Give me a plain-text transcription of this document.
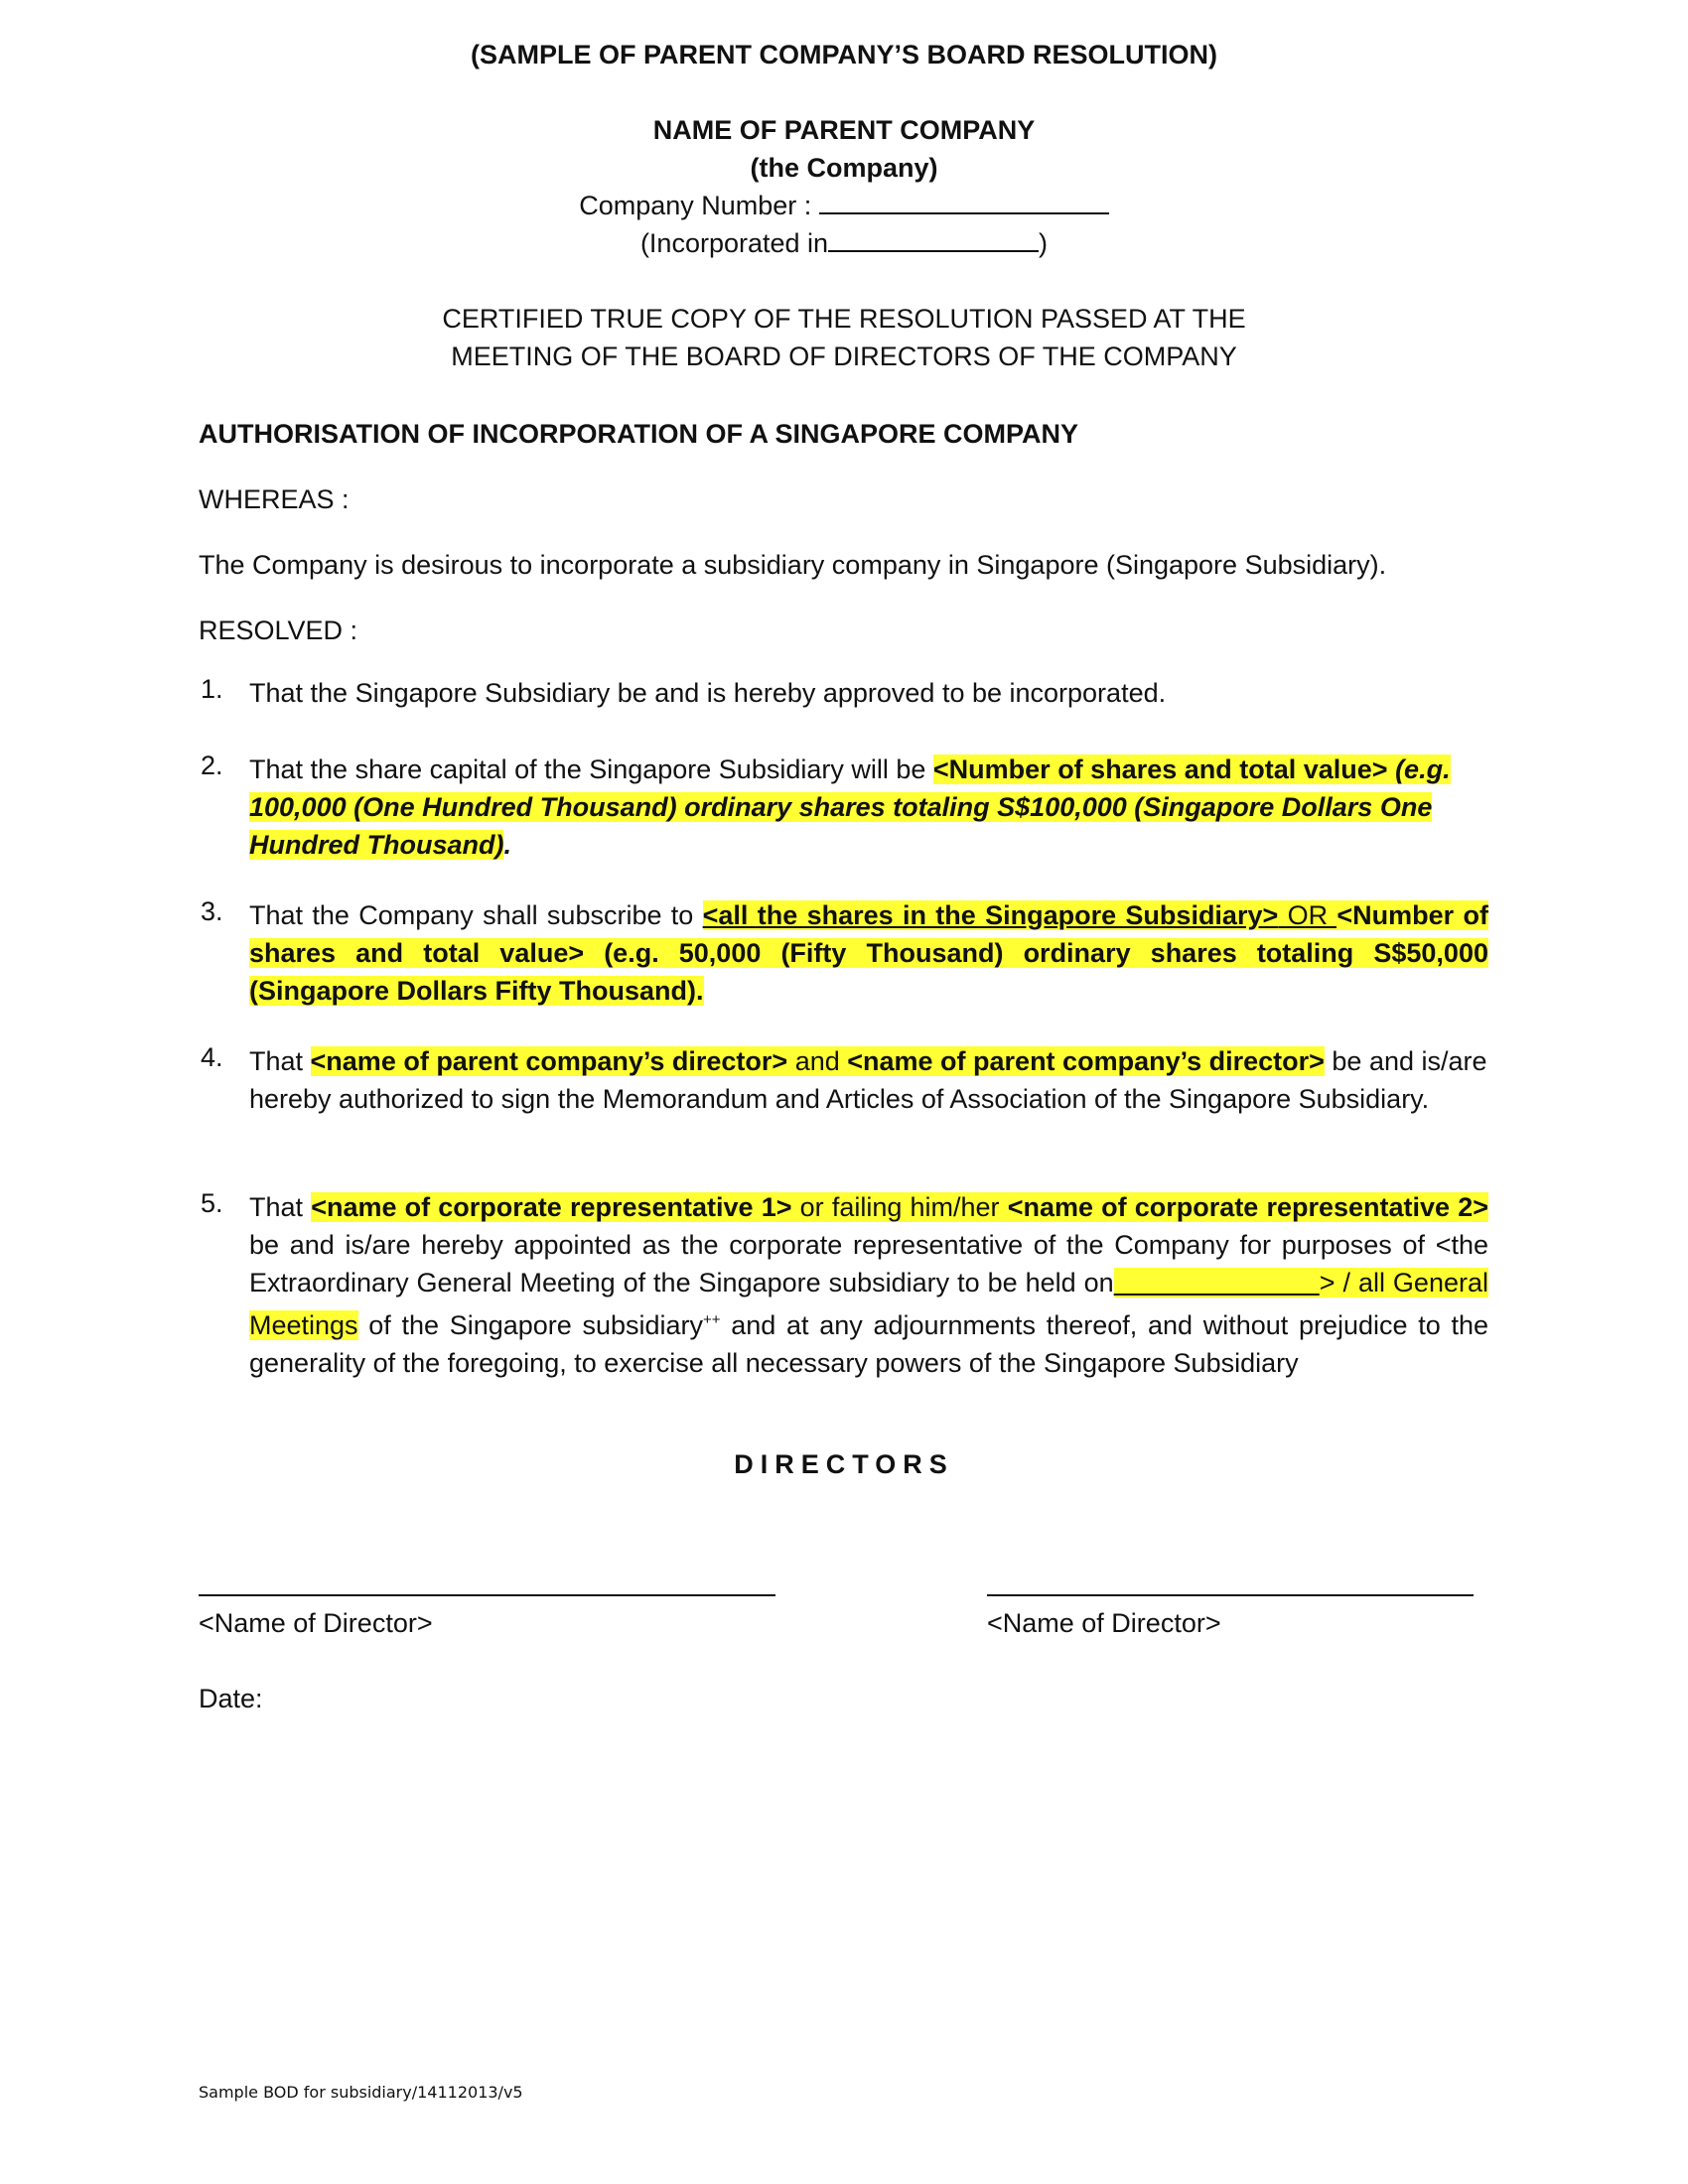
(SAMPLE OF PARENT COMPANY’S BOARD RESOLUTION)

NAME OF PARENT COMPANY

(the Company)

Company Number :

(Incorporated in	)

CERTIFIED TRUE COPY OF THE RESOLUTION PASSED AT THE

MEETING OF THE BOARD OF DIRECTORS OF THE COMPANY

AUTHORISATION OF INCORPORATION OF A SINGAPORE COMPANY

WHEREAS :

The Company is desirous to incorporate a subsidiary company in Singapore (Singapore Subsidiary).

RESOLVED :

1. That the Singapore Subsidiary be and is hereby approved to be incorporated.
2. That the share capital of the Singapore Subsidiary will be <Number of shares and total value> (e.g. 100,000 (One Hundred Thousand) ordinary shares totaling S$100,000 (Singapore Dollars One Hundred Thousand).
3. That the Company shall subscribe to <all the shares in the Singapore Subsidiary> OR <Number of shares and total value> (e.g. 50,000 (Fifty Thousand) ordinary shares totaling S$50,000 (Singapore Dollars Fifty Thousand).
4. That <name of parent company’s director> and <name of parent company’s director> be and is/are hereby authorized to sign the Memorandum and Articles of Association of the Singapore Subsidiary.
5. That <name of corporate representative 1> or failing him/her <name of corporate representative 2> be and is/are hereby appointed as the corporate representative of the Company for purposes of <the Extraordinary General Meeting of the Singapore subsidiary to be held on	> / all General Meetings of the Singapore subsidiary++ and at any adjournments thereof, and without prejudice to the generality of the foregoing, to exercise all necessary powers of the Singapore Subsidiary

DIRECTORS

<Name of Director>	<Name of Director>

Date:

Sample BOD for subsidiary/14112013/v5
